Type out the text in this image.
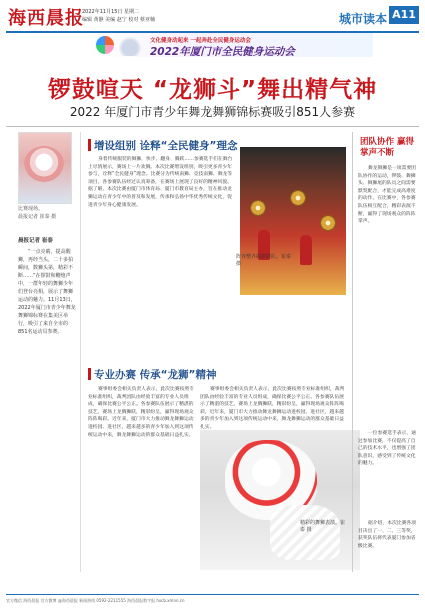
海西晨报
2022年11月15日 星期二
编辑 黄静 美编 赵宁 校对 蔡亚楠	城市读本 A11
文化健身动起来 一起奔赴全民健身运动会
2022年厦门市全民健身运动会
锣鼓喧天 “龙狮斗”舞出精气神
2022 年厦门市青少年舞龙舞狮锦标赛吸引851人参赛
比赛现场。
晨报记者 崔泰 摄
晨报记者 崔泰
“一点亮睛，提高醒狮，再经当头，二十多拍瞬间，数狮头第，精彩不断……”在锣鼓和鞭炮声中，一群年轻的舞狮少年们登台亮相，展示了舞狮运动的魅力。11月13日，2022年厦门市青少年舞龙舞狮锦标赛在集美区举行，吸引了来自全市的851名运动员参赛。
增设组别 诠释“全民健身”理念
身着传统服装的舞狮，快步、翻身、腾跃……参赛选手们在舞台上尽情展示，赛场上一片欢腾。本次比赛增设组别，吸引更多青少年参与，诠释“全民健身”理念。比赛分为传统南狮、竞技南狮、舞龙等项目，各参赛队伍经过认真筹备，在赛场上展现了良好的精神风貌。据了解，本次比赛由厦门市体育局、厦门市教育局主办，旨在推动龙狮运动在青少年中的普及和发展，传承和弘扬中华优秀传统文化，促进青少年身心健康发展。
阵容整齐的锣鼓队。崔泰 摄
专业办赛 传承“龙狮”精神
赛事组委会相关负责人表示，此次比赛按照专业标准组织，裁判团队由经验丰富的专业人员组成，确保比赛公平公正。各参赛队伍展示了精湛的技艺，赛场上龙腾狮跃，精彩纷呈，赢得现场观众阵阵喝彩。近年来，厦门市大力推动舞龙舞狮运动进校园、进社区，越来越多的青少年加入到这项传统运动中来，舞龙舞狮运动的群众基础日益扎实。
赛事组委会相关负责人表示，此次比赛按照专业标准组织，裁判团队由经验丰富的专业人员组成，确保比赛公平公正。各参赛队伍展示了精湛的技艺，赛场上龙腾狮跃，精彩纷呈，赢得现场观众阵阵喝彩。近年来，厦门市大力推动舞龙舞狮运动进校园、进社区，越来越多的青少年加入到这项传统运动中来，舞龙舞狮运动的群众基础日益扎实。
精彩的舞狮表演。崔泰 摄
团队协作 赢得掌声不断
舞龙舞狮是一项需要团队协作的运动，锣鼓、舞狮头、舞狮尾的队员之间需要默契配合，才能完成高难度的动作。在比赛中，各参赛队伍相互配合，精彩表演不断，赢得了现场观众的阵阵掌声。
一位参赛选手表示，通过参加比赛，不仅提高了自己的技术水平，也增强了团队意识，感受到了传统文化的魅力。
据介绍，本次比赛各项目决出了一、二、三等奖，获奖队伍将代表厦门参加省级比赛。
官方微信 海西晨报 官方微博 @海西晨报 新闻热线 0592-2211555 海西晨报数字报 hxcb.xmnn.cn
